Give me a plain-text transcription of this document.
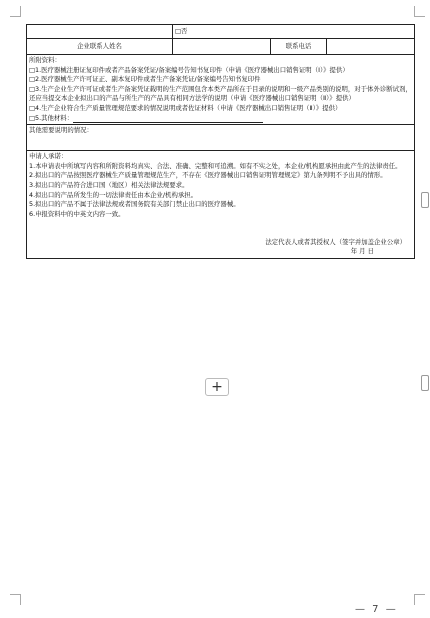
□否
企业联系人姓名	联系电话

所附资料：

□1.医疗器械注册证复印件或者产品备案凭证/备案编号告知书复印件（申请《医疗器械出口销售证明（Ⅰ）》提供）

□2.医疗器械生产许可证正、副本复印件或者生产备案凭证/备案编号告知书复印件

□3.生产企业生产许可证或者生产备案凭证载明的生产范围包含本类产品所在于目录的说明和一级产品类别的说明，对于体外诊断试剂，还应当提交本企业拟出口的产品与所生产的产品具有相同方法学的说明（申请《医疗器械出口销售证明（Ⅱ）》提供）

□4.生产企业符合生产质量管理规范要求的情况说明或者佐证材料（申请《医疗器械出口销售证明（Ⅱ）》提供）

□5.其他材料：

其他需要说明的情况：

申请人承诺：

1.本申请表中所填写内容和所附资料均真实、合法、准确、完整和可追溯。如有不实之处，本企业/机构愿承担由此产生的法律责任。

2.拟出口的产品按照医疗器械生产质量管理规范生产，不存在《医疗器械出口销售证明管理规定》第九条列明不予出具的情形。

3.拟出口的产品符合进口国（地区）相关法律法规要求。

4.拟出口的产品所发生的一切法律责任由本企业/机构承担。

5.拟出口的产品不属于法律法规或者国务院有关部门禁止出口的医疗器械。

6.申报资料中的中英文内容一致。

法定代表人或者其授权人（签字并加盖企业公章）

年 月 日

+
— 7 —
